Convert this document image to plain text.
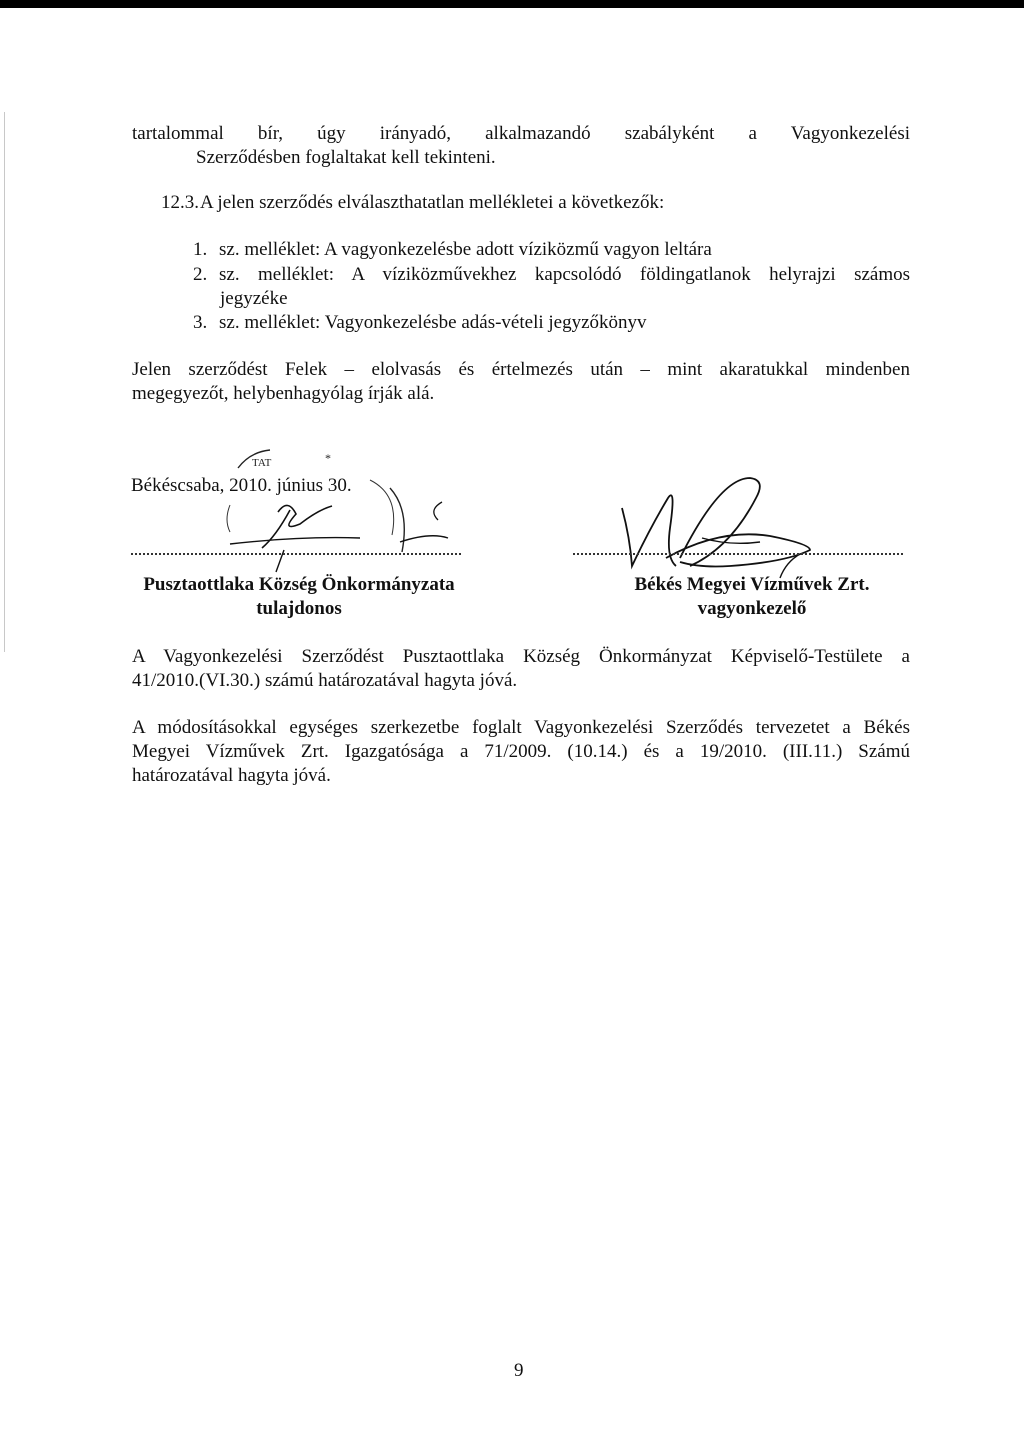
tartalommal bír, úgy irányadó, alkalmazandó szabályként a Vagyonkezelési
Szerződésben foglaltakat kell tekinteni.
12.3. A jelen szerződés elválaszthatatlan mellékletei a következők:
1. sz. melléklet: A vagyonkezelésbe adott víziközmű vagyon leltára
2. sz. melléklet: A víziközművekhez kapcsolódó földingatlanok helyrajzi számos
jegyzéke
3. sz. melléklet: Vagyonkezelésbe adás-vételi jegyzőkönyv
Jelen szerződést Felek – elolvasás és értelmezés után – mint akaratukkal mindenben
megegyezőt, helybenhagyólag írják alá.
Békéscsaba, 2010. június 30.
TAT	*
Pusztaottlaka Község Önkormányzata
tulajdonos
Békés Megyei Vízművek Zrt.
vagyonkezelő
A Vagyonkezelési Szerződést Pusztaottlaka Község Önkormányzat Képviselő-Testülete a
41/2010.(VI.30.) számú határozatával hagyta jóvá.
A módosításokkal egységes szerkezetbe foglalt Vagyonkezelési Szerződés tervezetet a Békés
Megyei Vízművek Zrt. Igazgatósága a 71/2009. (10.14.) és a 19/2010. (III.11.) Számú
határozatával hagyta jóvá.
9
